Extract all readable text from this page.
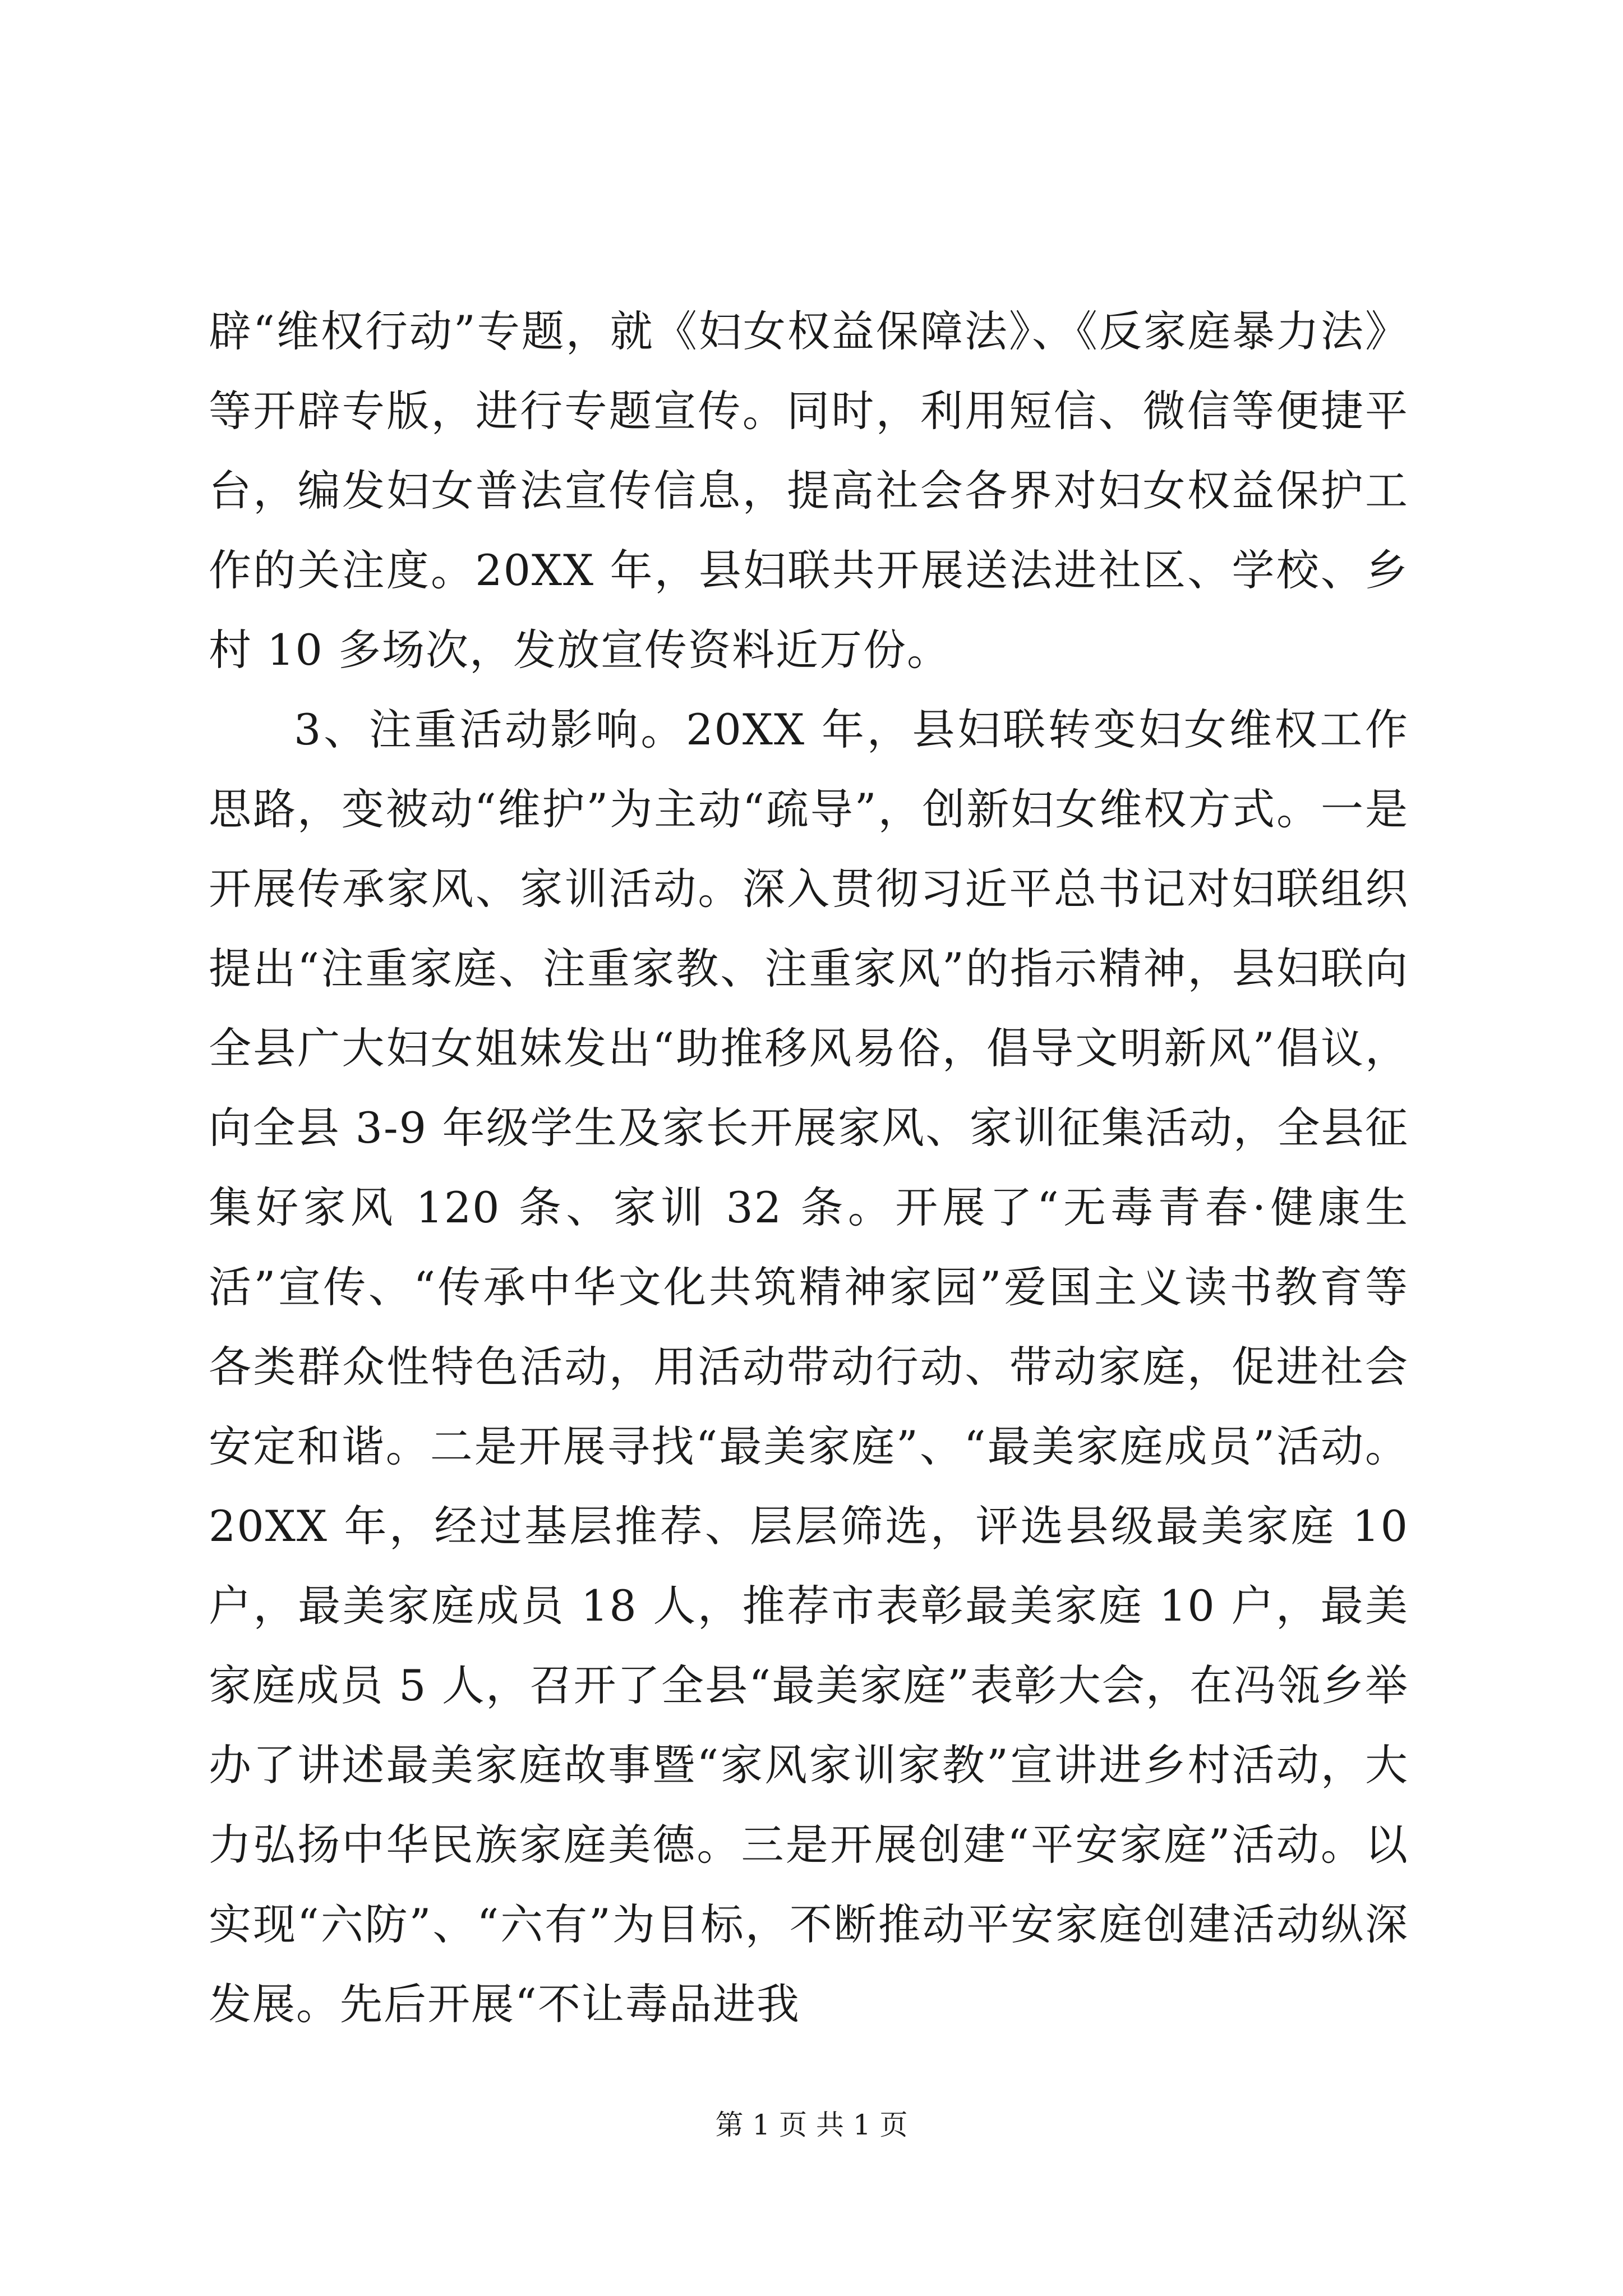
辟“维权行动”专题，就《妇女权益保障法》、《反家庭暴力法》等开辟专版，进行专题宣传。同时，利用短信、微信等便捷平台，编发妇女普法宣传信息，提高社会各界对妇女权益保护工作的关注度。20XX 年，县妇联共开展送法进社区、学校、乡村 10 多场次，发放宣传资料近万份。

3、注重活动影响。20XX 年，县妇联转变妇女维权工作思路，变被动“维护”为主动“疏导”，创新妇女维权方式。一是开展传承家风、家训活动。深入贯彻习近平总书记对妇联组织提出“注重家庭、注重家教、注重家风”的指示精神，县妇联向全县广大妇女姐妹发出“助推移风易俗，倡导文明新风”倡议，向全县 3-9 年级学生及家长开展家风、家训征集活动，全县征集好家风 120 条、家训 32 条。开展了“无毒青春·健康生活”宣传、“传承中华文化共筑精神家园”爱国主义读书教育等各类群众性特色活动，用活动带动行动、带动家庭，促进社会安定和谐。二是开展寻找“最美家庭”、“最美家庭成员”活动。20XX 年，经过基层推荐、层层筛选，评选县级最美家庭 10 户，最美家庭成员 18 人，推荐市表彰最美家庭 10 户，最美家庭成员 5 人，召开了全县“最美家庭”表彰大会，在冯瓴乡举办了讲述最美家庭故事暨“家风家训家教”宣讲进乡村活动，大力弘扬中华民族家庭美德。三是开展创建“平安家庭”活动。以实现“六防”、“六有”为目标，不断推动平安家庭创建活动纵深发展。先后开展“不让毒品进我

第 1 页 共 1 页
